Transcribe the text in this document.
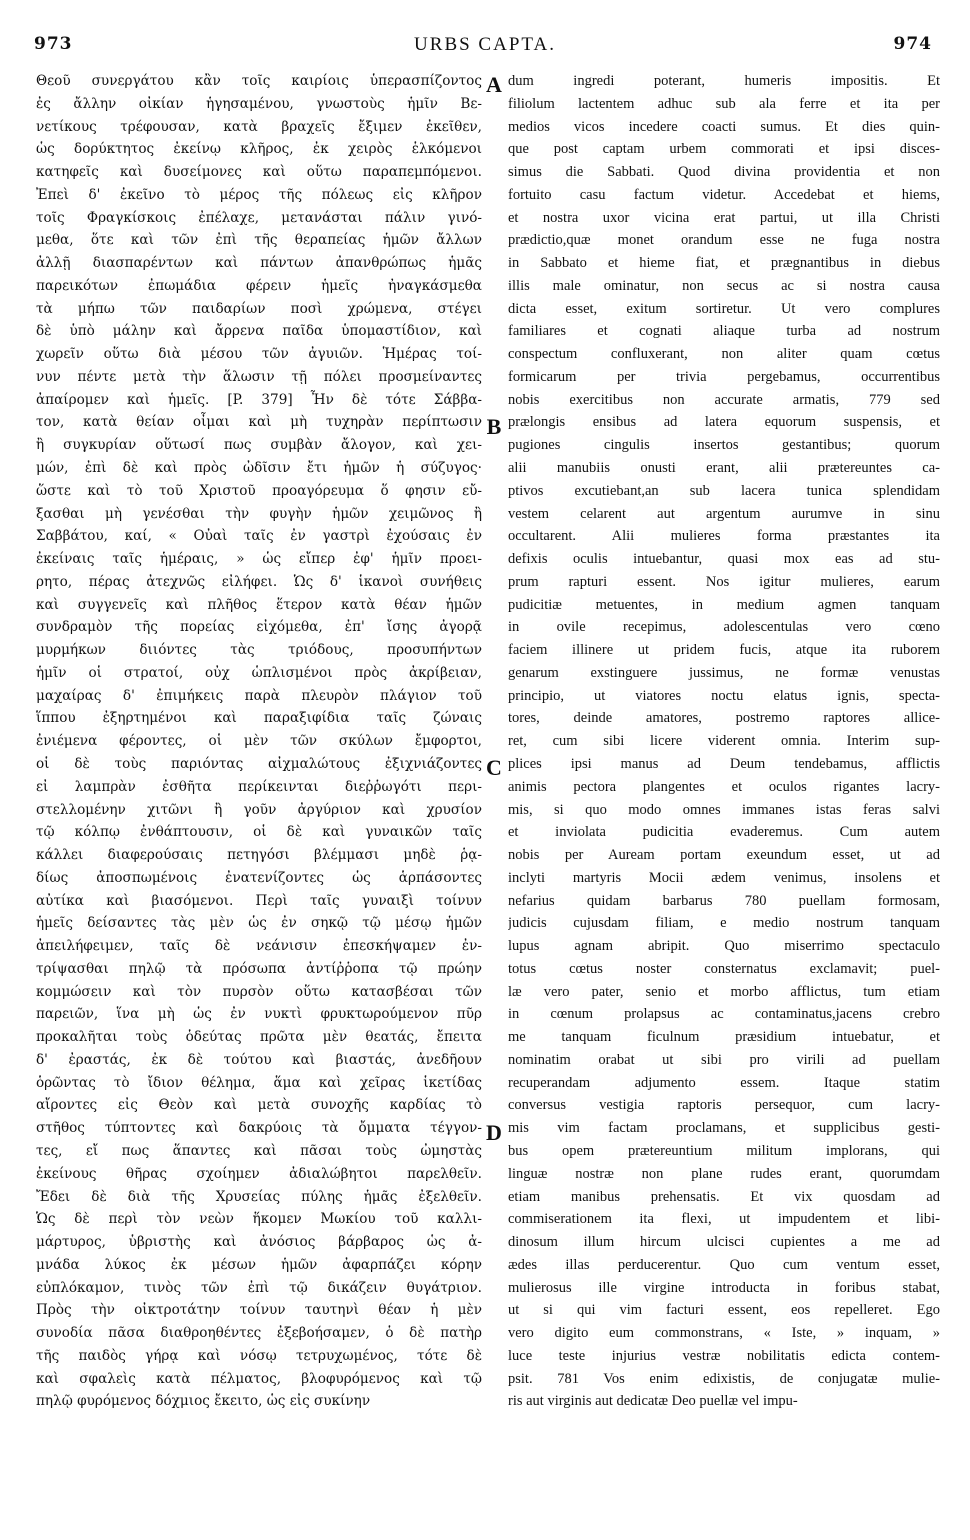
973	URBS CAPTA.	974
Θεοῦ συνεργάτου κἂν τοῖς καιρίοις ὑπερασπίζοντος
ἐς ἄλλην οἰκίαν ἡγησαμένου, γνωστοὺς ἡμῖν Βε-
νετίκους τρέφουσαν, κατὰ βραχεῖς ἔξιμεν ἐκεῖθεν,
ὡς δορύκτητος ἐκείνῳ κλῆρος, ἐκ χειρὸς ἑλκόμενοι
κατηφεῖς καὶ δυσείμονες καὶ οὕτω παραπεμπόμενοι.
Ἐπεὶ δ' ἐκεῖνο τὸ μέρος τῆς πόλεως εἰς κλῆρον
τοῖς Φραγκίσκοις ἐπέλαχε, μετανάσται πάλιν γινό-
μεθα, ὅτε καὶ τῶν ἐπὶ τῆς θεραπείας ἡμῶν ἄλλων
ἀλλῇ διασπαρέντων καὶ πάντων ἀπανθρώπως ἡμᾶς
παρεικότων ἐπωμάδια φέρειν ἡμεῖς ἠναγκάσμεθα
τὰ μήπω τῶν παιδαρίων ποσὶ χρώμενα, στέγει
δὲ ὑπὸ μάλην καὶ ἄρρενα παῖδα ὑπομαστίδιον, καὶ
χωρεῖν οὕτω διὰ μέσου τῶν ἀγυιῶν. Ἡμέρας τοί-
νυν πέντε μετὰ τὴν ἅλωσιν τῇ πόλει προσμείναντες
ἀπαίρομεν καὶ ἡμεῖς. [P. 379] Ἦν δὲ τότε Σάββα-
τον, κατὰ θείαν οἶμαι καὶ μὴ τυχηρὰν περίπτωσιν
ἢ συγκυρίαν οὕτωσί πως συμβὰν ἄλογον, καὶ χει-
μών, ἐπὶ δὲ καὶ πρὸς ὠδῖσιν ἔτι ἡμῶν ἡ σύζυγος·
ὥστε καὶ τὸ τοῦ Χριστοῦ προαγόρευμα ὅ φησιν εὔ-
ξασθαι μὴ γενέσθαι τὴν φυγὴν ἡμῶν χειμῶνος ἢ
Σαββάτου, καί, « Οὐαὶ ταῖς ἐν γαστρὶ ἐχούσαις ἐν
ἐκείναις ταῖς ἡμέραις, » ὡς εἴπερ ἐφ' ἡμῖν προει-
ρητο, πέρας ἀτεχνῶς εἰλήφει. Ὡς δ' ἱκανοὶ συνήθεις
καὶ συγγενεῖς καὶ πλῆθος ἕτερον κατὰ θέαν ἡμῶν
συνδραμὸν τῆς πορείας εἰχόμεθα, ἐπ' ἴσης ἀγορᾷ
μυρμήκων διιόντες τὰς τριόδους, προσυπήντων
ἡμῖν οἱ στρατοί, οὐχ ὡπλισμένοι πρὸς ἀκρίβειαν,
μαχαίρας δ' ἐπιμήκεις παρὰ πλευρὸν πλάγιον τοῦ
ἵππου ἐξηρτημένοι καὶ παραξιφίδια ταῖς ζώναις
ἐνιέμενα φέροντες, οἱ μὲν τῶν σκύλων ἔμφορτοι,
οἱ δὲ τοὺς παριόντας αἰχμαλώτους ἐξιχνιάζοντες
εἰ λαμπρὰν ἐσθῆτα περίκεινται διεῤῥωγότι περι-
στελλομένην χιτῶνι ἢ γοῦν ἀργύριον καὶ χρυσίον
τῷ κόλπῳ ἐνθάπτουσιν, οἱ δὲ καὶ γυναικῶν ταῖς
κάλλει διαφερούσαις πετηγόσι βλέμμασι μηδὲ ῥᾳ-
δίως ἀποσπωμένοις ἐνατενίζοντες ὡς ἁρπάσοντες
αὐτίκα καὶ βιασόμενοι. Περὶ ταῖς γυναιξὶ τοίνυν
ἡμεῖς δείσαντες τὰς μὲν ὡς ἐν σηκῷ τῷ μέσῳ ἡμῶν
ἀπειλήφειμεν, ταῖς δὲ νεάνισιν ἐπεσκήψαμεν ἐν-
τρίψασθαι πηλῷ τὰ πρόσωπα ἀντίῤῥοπα τῷ πρώην
κομμώσειν καὶ τὸν πυρσὸν οὕτω κατασβέσαι τῶν
παρειῶν, ἵνα μὴ ὡς ἐν νυκτὶ φρυκτωρούμενον πῦρ
προκαλῆται τοὺς ὁδεύτας πρῶτα μὲν θεατάς, ἔπειτα
δ' ἐραστάς, ἐκ δὲ τούτου καὶ βιαστάς, ἀνεδῆουν
ὁρῶντας τὸ ἴδιον θέλημα, ἅμα καὶ χεῖρας ἱκετίδας
αἴροντες εἰς Θεὸν καὶ μετὰ συνοχῆς καρδίας τὸ
στῆθος τύπτοντες καὶ δακρύοις τὰ ὄμματα τέγγον-
τες, εἴ πως ἅπαντες καὶ πᾶσαι τοὺς ὠμηστὰς
ἐκείνους θῆρας σχοίημεν ἀδιαλώβητοι παρελθεῖν.
Ἔδει δὲ διὰ τῆς Χρυσείας πύλης ἡμᾶς ἐξελθεῖν.
Ὡς δὲ περὶ τὸν νεὼν ἥκομεν Μωκίου τοῦ καλλι-
μάρτυρος, ὑβριστὴς καὶ ἀνόσιος βάρβαρος ὡς ἀ-
μνάδα λύκος ἐκ μέσων ἡμῶν ἀφαρπάζει κόρην
εὐπλόκαμον, τινὸς τῶν ἐπὶ τῷ δικάζειν θυγάτριον.
Πρὸς τὴν οἰκτροτάτην τοίνυν ταυτηνὶ θέαν ἡ μὲν
συνοδία πᾶσα διαθροηθέντες ἐξεβοήσαμεν, ὁ δὲ πατὴρ
τῆς παιδὸς γήρᾳ καὶ νόσῳ τετρυχωμένος, τότε δὲ
καὶ σφαλεὶς κατὰ πέλματος, βλοφυρόμενος καὶ τῷ
πηλῷ φυρόμενος δόχμιος ἔκειτο, ὡς εἰς συκίνην
dum ingredi poterant, humeris impositis. Et
filiolum lactentem adhuc sub ala ferre et ita per
medios vicos incedere coacti sumus. Et dies quin-
que post captam urbem commorati et ipsi disces-
simus die Sabbati. Quod divina providentia et non
fortuito casu factum videtur. Accedebat et hiems,
et nostra uxor vicina erat partui, ut illa Christi
prædictio,quæ monet orandum esse ne fuga nostra
in Sabbato et hieme fiat, et prægnantibus in diebus
illis male ominatur, non secus ac si nostra causa
dicta esset, exitum sortiretur. Ut vero complures
familiares et cognati aliaque turba ad nostrum
conspectum confluxerant, non aliter quam cœtus
formicarum per trivia pergebamus, occurrentibus
nobis exercitibus non accurate armatis, 779 sed
prælongis ensibus ad latera equorum suspensis, et
pugiones cingulis insertos gestantibus; quorum
alii manubiis onusti erant, alii prætereuntes ca-
ptivos excutiebant,an sub lacera tunica splendidam
vestem celarent aut argentum aurumve in sinu
occultarent. Alii mulieres forma præstantes ita
defixis oculis intuebantur, quasi mox eas ad stu-
prum rapturi essent. Nos igitur mulieres, earum
pudicitiæ metuentes, in medium agmen tanquam
in ovile recepimus, adolescentulas vero cœno
faciem illinere ut pridem fucis, atque ita ruborem
genarum exstinguere jussimus, ne formæ venustas
principio, ut viatores noctu elatus ignis, specta-
tores, deinde amatores, postremo raptores allice-
ret, cum sibi licere viderent omnia. Interim sup-
plices ipsi manus ad Deum tendebamus, afflictis
animis pectora plangentes et oculos rigantes lacry-
mis, si quo modo omnes immanes istas feras salvi
et inviolata pudicitia evaderemus. Cum autem
nobis per Auream portam exeundum esset, ut ad
inclyti martyris Mocii ædem venimus, insolens et
nefarius quidam barbarus 780 puellam formosam,
judicis cujusdam filiam, e medio nostrum tanquam
lupus agnam abripit. Quo miserrimo spectaculo
totus cœtus noster consternatus exclamavit; puel-
læ vero pater, senio et morbo afflictus, tum etiam
in cœnum prolapsus ac contaminatus,jacens crebro
me tanquam ficulnum præsidium intuebatur, et
nominatim orabat ut sibi pro virili ad puellam
recuperandam adjumento essem. Itaque statim
conversus vestigia raptoris persequor, cum lacry-
mis vim factam proclamans, et supplicibus gesti-
bus opem prætereuntium militum implorans, qui
linguæ nostræ non plane rudes erant, quorumdam
etiam manibus prehensatis. Et vix quosdam ad
commiserationem ita flexi, ut impudentem et libi-
dinosum illum hircum ulcisci cupientes a me ad
ædes illas perducerentur. Quo cum ventum esset,
mulierosus ille virgine introducta in foribus stabat,
ut si qui vim facturi essent, eos repelleret. Ego
vero digito eum commonstrans, « Iste, » inquam, »
luce teste injurius vestræ nobilitatis edicta contem-
psit. 781 Vos enim edixistis, de conjugatæ mulie-
ris aut virginis aut dedicatæ Deo puellæ vel impu-
A
B
C
D
